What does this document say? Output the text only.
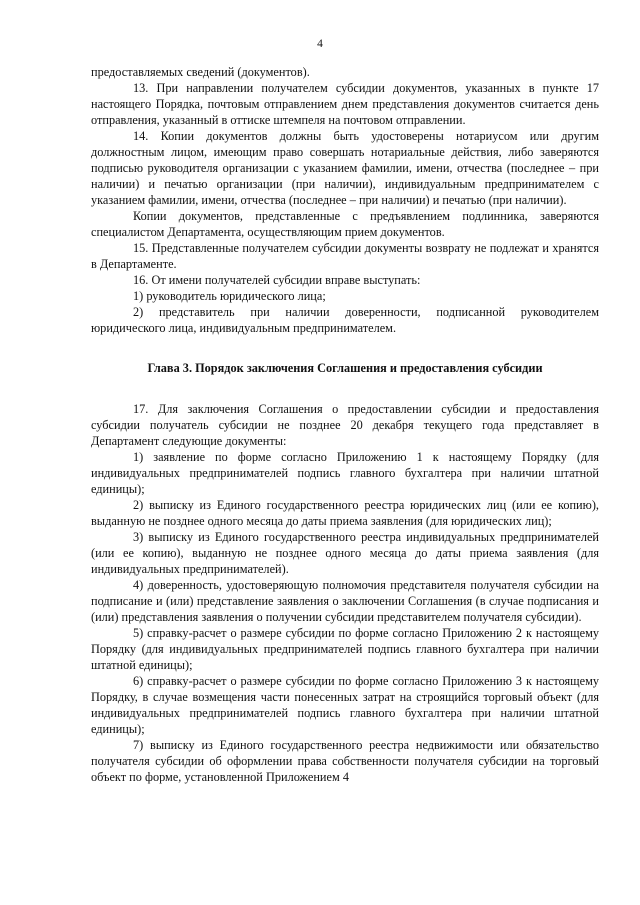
4

предоставляемых сведений (документов).

13. При направлении получателем субсидии документов, указанных в пункте 17 настоящего Порядка, почтовым отправлением днем представления документов считается день отправления, указанный в оттиске штемпеля на почтовом отправлении.

14. Копии документов должны быть удостоверены нотариусом или другим должностным лицом, имеющим право совершать нотариальные действия, либо заверяются подписью руководителя организации с указанием фамилии, имени, отчества (последнее – при наличии) и печатью организации (при наличии), индивидуальным предпринимателем с указанием фамилии, имени, отчества (последнее – при наличии) и печатью (при наличии).

Копии документов, представленные с предъявлением подлинника, заверяются специалистом Департамента, осуществляющим прием документов.

15. Представленные получателем субсидии документы возврату не подлежат и хранятся в Департаменте.

16. От имени получателей субсидии вправе выступать:

1) руководитель юридического лица;

2) представитель при наличии доверенности, подписанной руководителем юридического лица, индивидуальным предпринимателем.

Глава 3. Порядок заключения Соглашения и предоставления субсидии

17. Для заключения Соглашения о предоставлении субсидии и предоставления субсидии получатель субсидии не позднее 20 декабря текущего года представляет в Департамент следующие документы:

1) заявление по форме согласно Приложению 1 к настоящему Порядку (для индивидуальных предпринимателей подпись главного бухгалтера при наличии штатной единицы);

2) выписку из Единого государственного реестра юридических лиц (или ее копию), выданную не позднее одного месяца до даты приема заявления (для юридических лиц);

3) выписку из Единого государственного реестра индивидуальных предпринимателей (или ее копию), выданную не позднее одного месяца до даты приема заявления (для индивидуальных предпринимателей).

4) доверенность, удостоверяющую полномочия представителя получателя субсидии на подписание и (или) представление заявления о заключении Соглашения (в случае подписания и (или) представления заявления о получении субсидии представителем получателя субсидии).

5) справку-расчет о размере субсидии по форме согласно Приложению 2 к настоящему Порядку (для индивидуальных предпринимателей подпись главного бухгалтера при наличии штатной единицы);

6) справку-расчет о размере субсидии по форме согласно Приложению 3 к настоящему Порядку, в случае возмещения части понесенных затрат на строящийся торговый объект (для индивидуальных предпринимателей подпись главного бухгалтера при наличии штатной единицы);

7) выписку из Единого государственного реестра недвижимости или обязательство получателя субсидии об оформлении права собственности получателя субсидии на торговый объект по форме, установленной Приложением 4
